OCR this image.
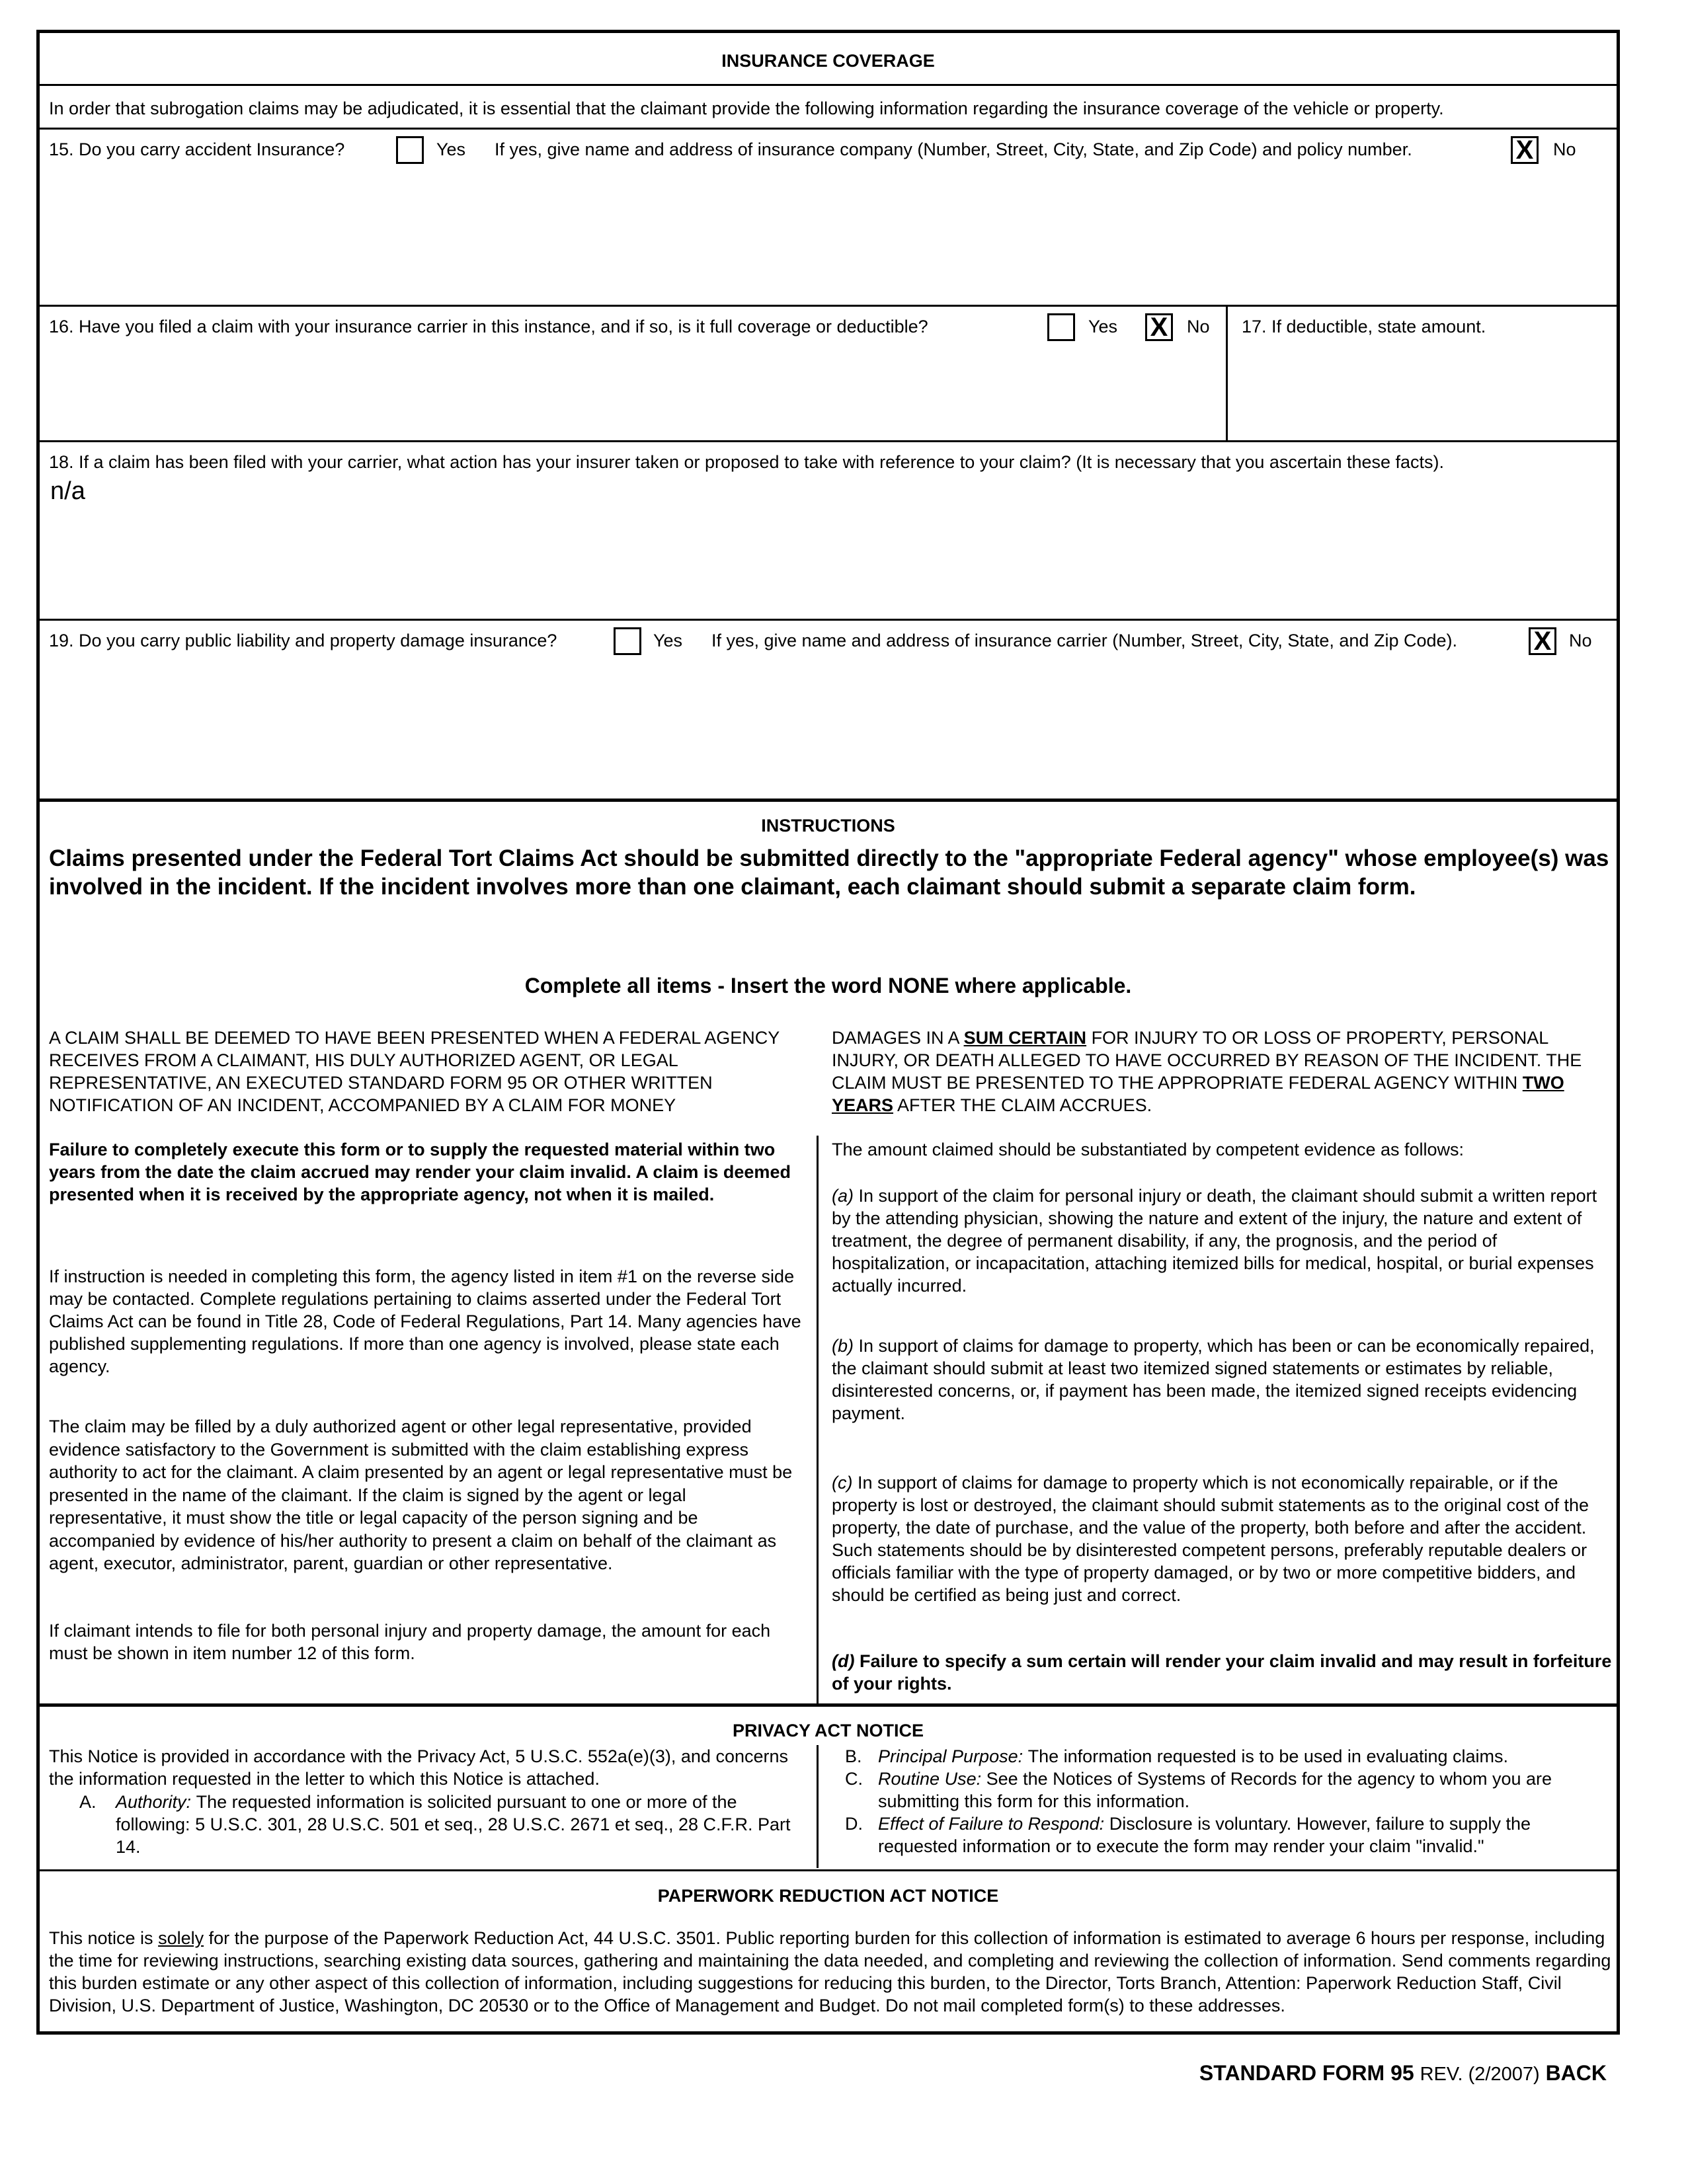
INSURANCE COVERAGE
In order that subrogation claims may be adjudicated, it is essential that the claimant provide the following information regarding the insurance coverage of the vehicle or property.
15. Do you carry accident Insurance?	Yes If yes, give name and address of insurance company (Number, Street, City, State, and Zip Code) and policy number.	X No
16. Have you filed a claim with your insurance carrier in this instance, and if so, is it full coverage or deductible?	Yes X No 17. If deductible, state amount.
18. If a claim has been filed with your carrier, what action has your insurer taken or proposed to take with reference to your claim? (It is necessary that you ascertain these facts).
n/a
19. Do you carry public liability and property damage insurance?	Yes If yes, give name and address of insurance carrier (Number, Street, City, State, and Zip Code).	X No
INSTRUCTIONS
Claims presented under the Federal Tort Claims Act should be submitted directly to the "appropriate Federal agency" whose employee(s) was involved in the incident. If the incident involves more than one claimant, each claimant should submit a separate claim form.
Complete all items - Insert the word NONE where applicable.
A CLAIM SHALL BE DEEMED TO HAVE BEEN PRESENTED WHEN A FEDERAL AGENCY RECEIVES FROM A CLAIMANT, HIS DULY AUTHORIZED AGENT, OR LEGAL REPRESENTATIVE, AN EXECUTED STANDARD FORM 95 OR OTHER WRITTEN NOTIFICATION OF AN INCIDENT, ACCOMPANIED BY A CLAIM FOR MONEY
DAMAGES IN A SUM CERTAIN FOR INJURY TO OR LOSS OF PROPERTY, PERSONAL INJURY, OR DEATH ALLEGED TO HAVE OCCURRED BY REASON OF THE INCIDENT. THE CLAIM MUST BE PRESENTED TO THE APPROPRIATE FEDERAL AGENCY WITHIN TWO YEARS AFTER THE CLAIM ACCRUES.
Failure to completely execute this form or to supply the requested material within two years from the date the claim accrued may render your claim invalid. A claim is deemed presented when it is received by the appropriate agency, not when it is mailed.
If instruction is needed in completing this form, the agency listed in item #1 on the reverse side may be contacted. Complete regulations pertaining to claims asserted under the Federal Tort Claims Act can be found in Title 28, Code of Federal Regulations, Part 14. Many agencies have published supplementing regulations. If more than one agency is involved, please state each agency.
The claim may be filled by a duly authorized agent or other legal representative, provided evidence satisfactory to the Government is submitted with the claim establishing express authority to act for the claimant. A claim presented by an agent or legal representative must be presented in the name of the claimant. If the claim is signed by the agent or legal representative, it must show the title or legal capacity of the person signing and be accompanied by evidence of his/her authority to present a claim on behalf of the claimant as agent, executor, administrator, parent, guardian or other representative.
If claimant intends to file for both personal injury and property damage, the amount for each must be shown in item number 12 of this form.
The amount claimed should be substantiated by competent evidence as follows:
(a) In support of the claim for personal injury or death, the claimant should submit a written report by the attending physician, showing the nature and extent of the injury, the nature and extent of treatment, the degree of permanent disability, if any, the prognosis, and the period of hospitalization, or incapacitation, attaching itemized bills for medical, hospital, or burial expenses actually incurred.
(b) In support of claims for damage to property, which has been or can be economically repaired, the claimant should submit at least two itemized signed statements or estimates by reliable, disinterested concerns, or, if payment has been made, the itemized signed receipts evidencing payment.
(c) In support of claims for damage to property which is not economically repairable, or if the property is lost or destroyed, the claimant should submit statements as to the original cost of the property, the date of purchase, and the value of the property, both before and after the accident. Such statements should be by disinterested competent persons, preferably reputable dealers or officials familiar with the type of property damaged, or by two or more competitive bidders, and should be certified as being just and correct.
(d) Failure to specify a sum certain will render your claim invalid and may result in forfeiture of your rights.
PRIVACY ACT NOTICE
This Notice is provided in accordance with the Privacy Act, 5 U.S.C. 552a(e)(3), and concerns the information requested in the letter to which this Notice is attached.
A. Authority: The requested information is solicited pursuant to one or more of the following: 5 U.S.C. 301, 28 U.S.C. 501 et seq., 28 U.S.C. 2671 et seq., 28 C.F.R. Part 14.
B. Principal Purpose: The information requested is to be used in evaluating claims.
C. Routine Use: See the Notices of Systems of Records for the agency to whom you are submitting this form for this information.
D. Effect of Failure to Respond: Disclosure is voluntary. However, failure to supply the requested information or to execute the form may render your claim "invalid."
PAPERWORK REDUCTION ACT NOTICE
This notice is solely for the purpose of the Paperwork Reduction Act, 44 U.S.C. 3501. Public reporting burden for this collection of information is estimated to average 6 hours per response, including the time for reviewing instructions, searching existing data sources, gathering and maintaining the data needed, and completing and reviewing the collection of information. Send comments regarding this burden estimate or any other aspect of this collection of information, including suggestions for reducing this burden, to the Director, Torts Branch, Attention: Paperwork Reduction Staff, Civil Division, U.S. Department of Justice, Washington, DC 20530 or to the Office of Management and Budget. Do not mail completed form(s) to these addresses.
STANDARD FORM 95 REV. (2/2007) BACK
